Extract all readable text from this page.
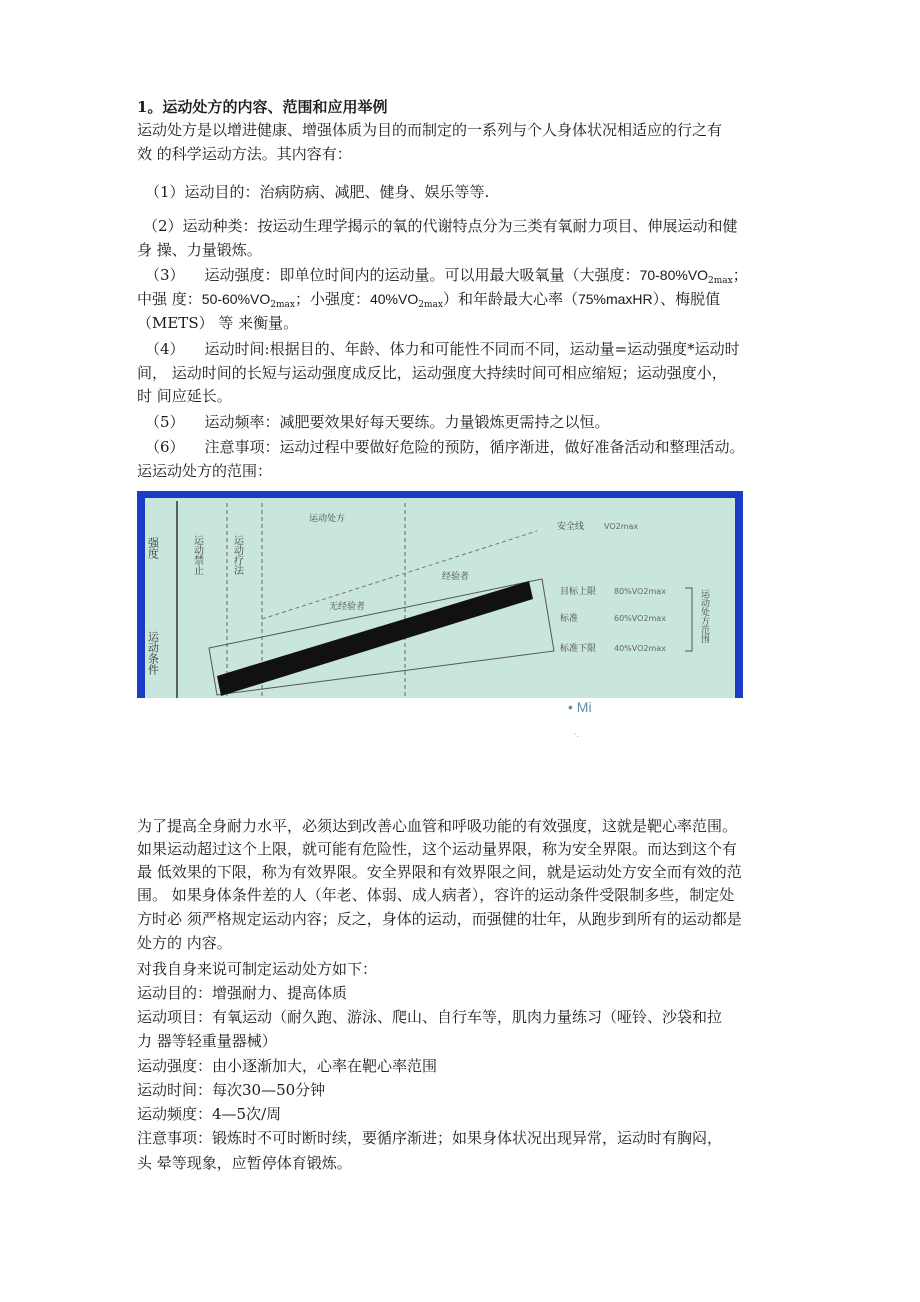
1。运动处方的内容、范围和应用举例
运动处方是以增进健康、增强体质为目的而制定的一系列与个人身体状况相适应的行之有
效 的科学运动方法。其内容有：
（1）运动目的：治病防病、减肥、健身、娱乐等等.
（2）运动种类：按运动生理学揭示的氧的代谢特点分为三类有氧耐力项目、伸展运动和健
身 操、力量锻炼。
（3） 运动强度：即单位时间内的运动量。可以用最大吸氧量（大强度：$70-80\%VO_{2max}$；
中强 度：$50-60\%VO_{2max}$；小强度：$40\%VO_{2max}$）和年龄最大心率（75%maxHR）、梅脱值
（METS） 等 来衡量。
（4） 运动时间:根据目的、年龄、体力和可能性不同而不同，运动量=运动强度*运动时
间， 运动时间的长短与运动强度成反比，运动强度大持续时间可相应缩短；运动强度小，
时 间应延长。
（5） 运动频率：减肥要效果好每天要练。力量锻炼更需持之以恒。
（6） 注意事项：运动过程中要做好危险的预防，循序渐进，做好准备活动和整理活动。
运运动处方的范围：
强度
运动条件
运动禁止	运动疗法
运动处方
安全线 VO2max
无经验者
经验者
目标上限 80%VO2max
标准	60%VO2max
标准下限 40%VO2max
运动处方范围
• Mi
·.
为了提高全身耐力水平，必须达到改善心血管和呼吸功能的有效强度，这就是靶心率范围。
如果运动超过这个上限，就可能有危险性，这个运动量界限，称为安全界限。而达到这个有
最 低效果的下限，称为有效界限。安全界限和有效界限之间，就是运动处方安全而有效的范
围。 如果身体条件差的人（年老、体弱、成人病者），容许的运动条件受限制多些，制定处
方时必 须严格规定运动内容；反之，身体的运动，而强健的壮年，从跑步到所有的运动都是
处方的 内容。
对我自身来说可制定运动处方如下：
运动目的：增强耐力、提高体质
运动项目：有氧运动（耐久跑、游泳、爬山、自行车等，肌肉力量练习（哑铃、沙袋和拉
力 器等轻重量器械）
运动强度：由小逐渐加大，心率在靶心率范围
运动时间：每次30—50分钟
运动频度：4—5次/周
注意事项：锻炼时不可时断时续，要循序渐进；如果身体状况出现异常，运动时有胸闷，
头 晕等现象，应暂停体育锻炼。
